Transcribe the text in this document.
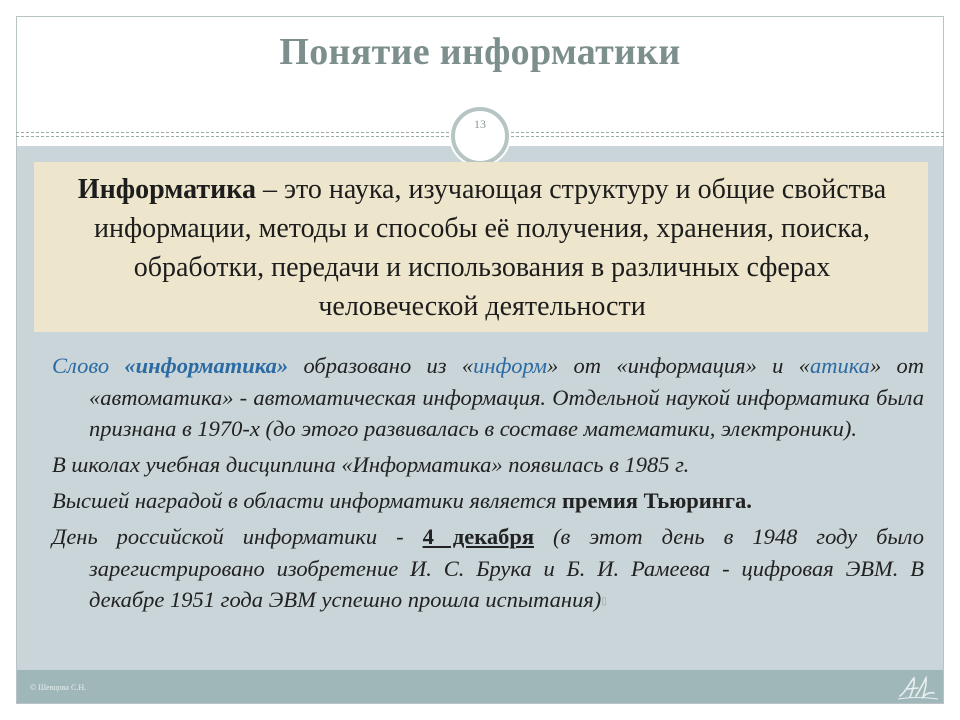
Понятие информатики
13
Информатика – это наука, изучающая структуру и общие свойства информации, методы и способы её получения, хранения, поиска, обработки, передачи и использования в различных сферах человеческой деятельности

Слово «информатика» образовано из «информ» от «информация» и «атика» от «автоматика» - автоматическая информация. Отдельной наукой информатика была признана в 1970-х (до этого развивалась в составе математики, электроники).

В школах учебная дисциплина «Информатика» появилась в 1985 г.

Высшей наградой в области информатики является премия Тьюринга.

День российской информатики - 4 декабря (в этот день в 1948 году было зарегистрировано изобретение И. С. Брука и Б. И. Рамеева - цифровая ЭВМ. В декабре 1951 года ЭВМ успешно прошла испытания)▯

© Шевцова С.Н.
